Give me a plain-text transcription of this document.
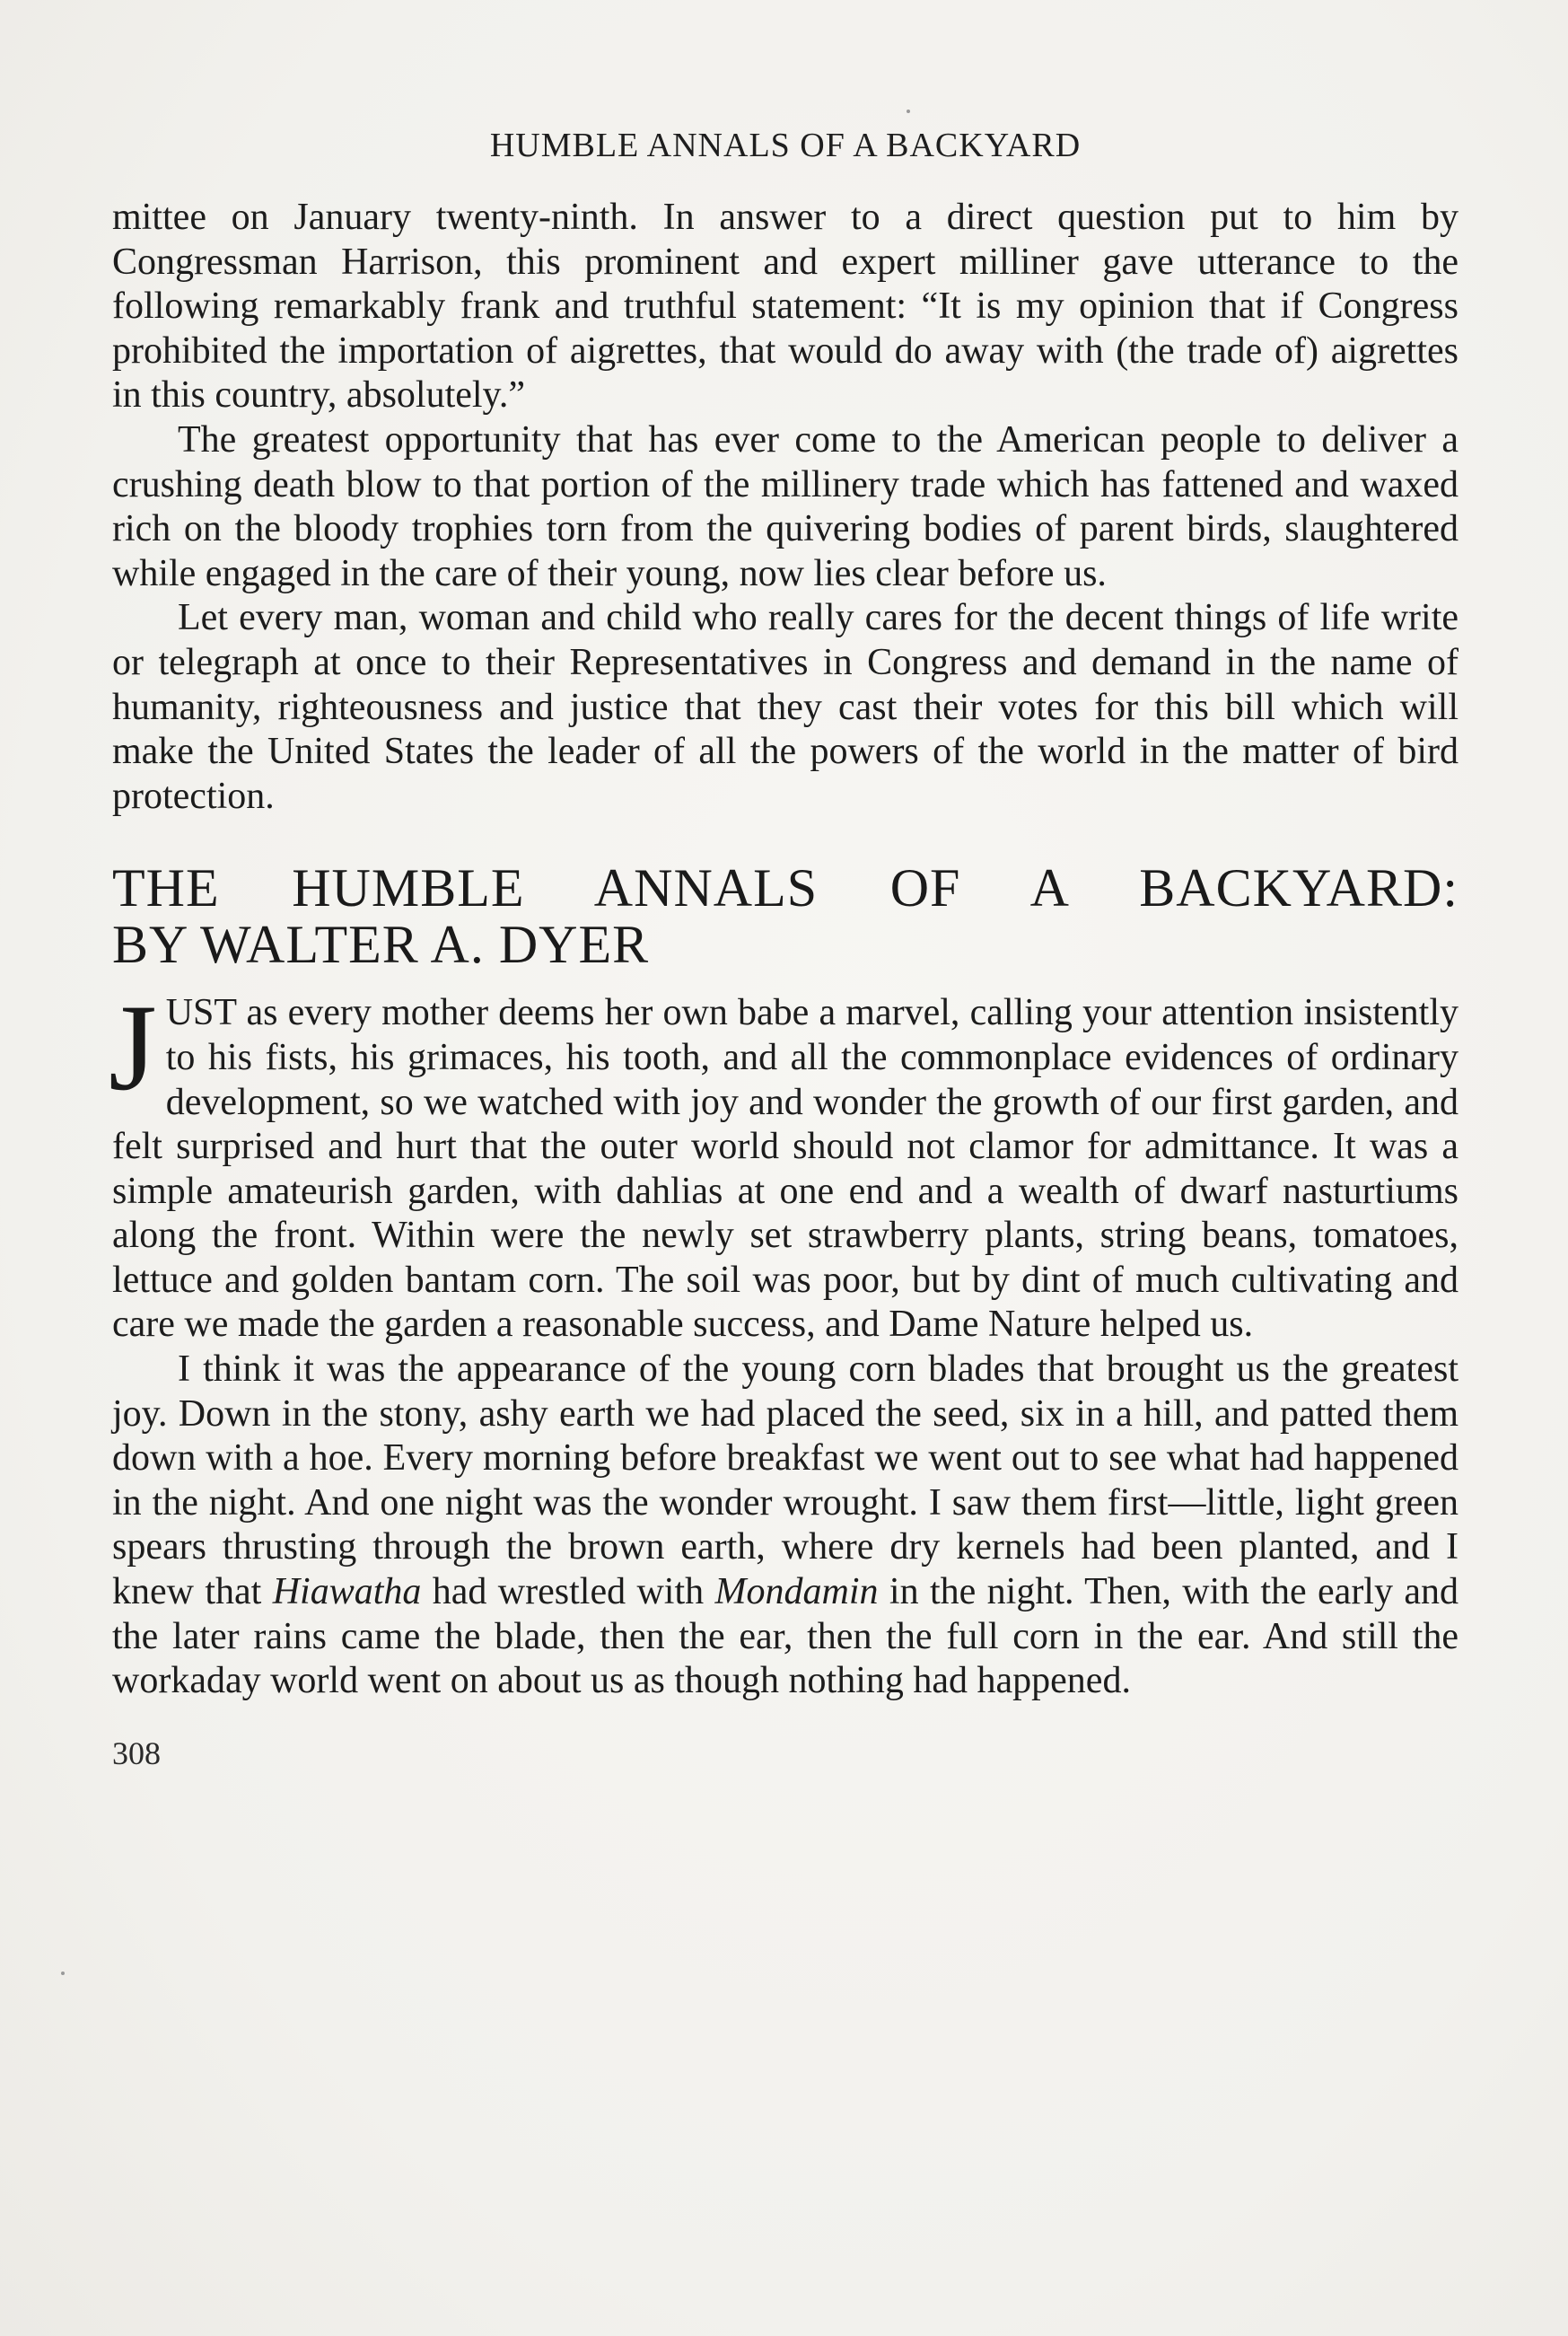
HUMBLE ANNALS OF A BACKYARD

mittee on January twenty-ninth. In answer to a direct question put to him by Congressman Harrison, this prominent and expert milliner gave utterance to the following remarkably frank and truthful statement: “It is my opinion that if Congress prohibited the importation of aigrettes, that would do away with (the trade of) aigrettes in this country, absolutely.”

The greatest opportunity that has ever come to the American people to deliver a crushing death blow to that portion of the millinery trade which has fattened and waxed rich on the bloody trophies torn from the quivering bodies of parent birds, slaughtered while engaged in the care of their young, now lies clear before us.

Let every man, woman and child who really cares for the decent things of life write or telegraph at once to their Representatives in Congress and demand in the name of humanity, righteousness and justice that they cast their votes for this bill which will make the United States the leader of all the powers of the world in the matter of bird protection.

THE HUMBLE ANNALS OF A BACKYARD:
BY WALTER A. DYER

JUST as every mother deems her own babe a marvel, calling your attention insistently to his fists, his grimaces, his tooth, and all the commonplace evidences of ordinary development, so we watched with joy and wonder the growth of our first garden, and felt surprised and hurt that the outer world should not clamor for admittance. It was a simple amateurish garden, with dahlias at one end and a wealth of dwarf nasturtiums along the front. Within were the newly set strawberry plants, string beans, tomatoes, lettuce and golden bantam corn. The soil was poor, but by dint of much cultivating and care we made the garden a reasonable success, and Dame Nature helped us.

I think it was the appearance of the young corn blades that brought us the greatest joy. Down in the stony, ashy earth we had placed the seed, six in a hill, and patted them down with a hoe. Every morning before breakfast we went out to see what had happened in the night. And one night was the wonder wrought. I saw them first—little, light green spears thrusting through the brown earth, where dry kernels had been planted, and I knew that Hiawatha had wrestled with Mondamin in the night. Then, with the early and the later rains came the blade, then the ear, then the full corn in the ear. And still the workaday world went on about us as though nothing had happened.

308
